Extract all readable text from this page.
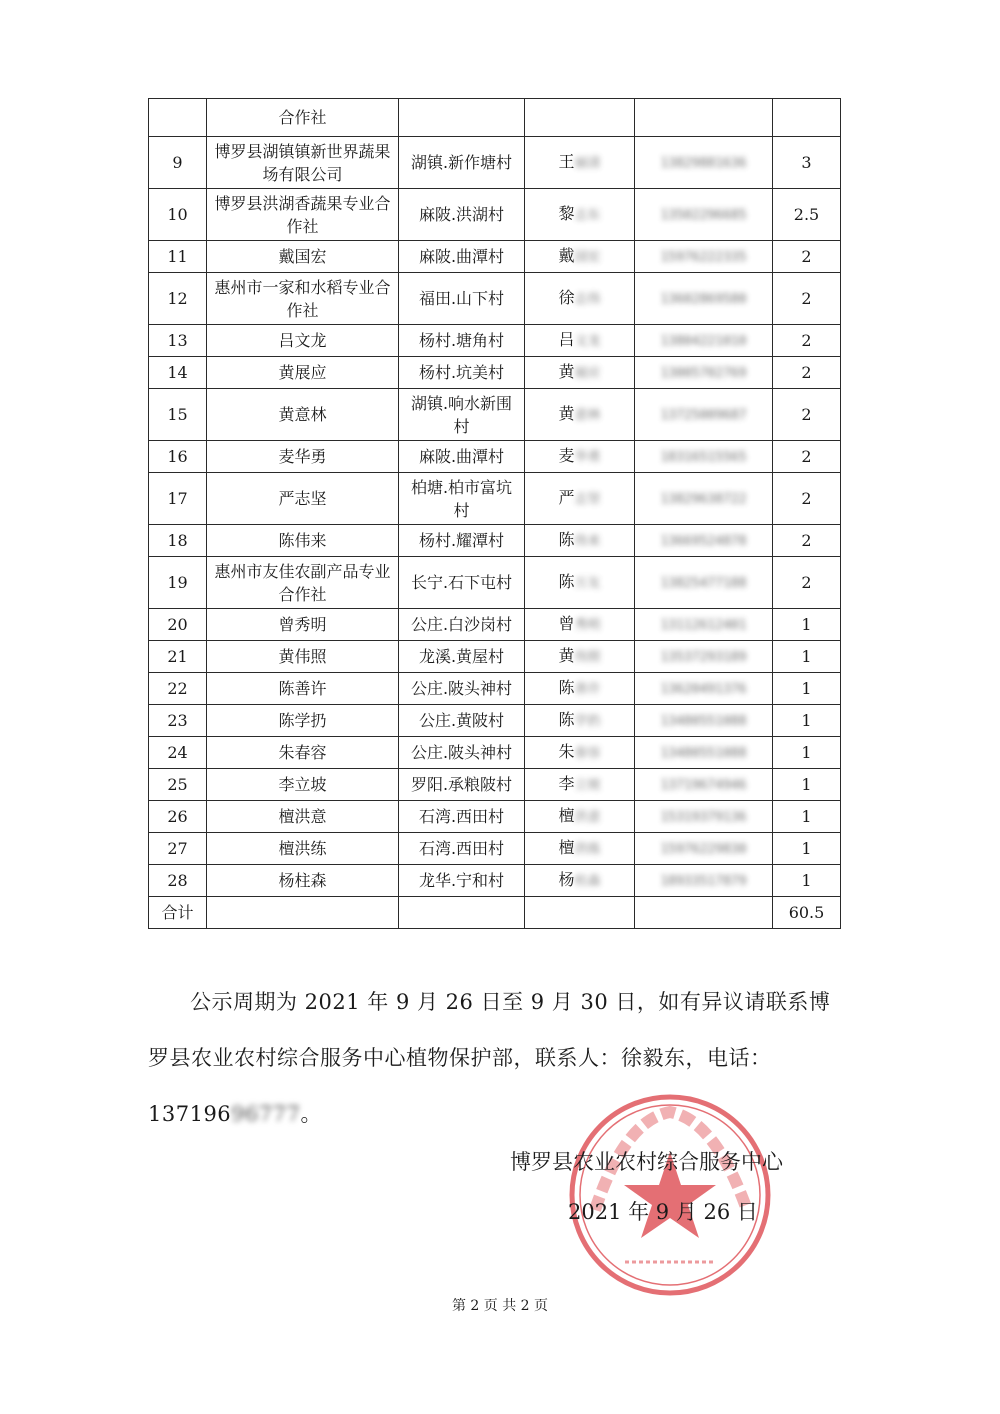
	合作社				
9	博罗县湖镇镇新世界蔬果场有限公司	湖镇.新作塘村	王丽清	13829881636	3
10	博罗县洪湖香蔬果专业合作社	麻陂.洪湖村	黎志东	13502296685	2.5
11	戴国宏	麻陂.曲潭村	戴国宏	15976222335	2
12	惠州市一家和水稻专业合作社	福田.山下村	徐志伟	13602869580	2
13	吕文龙	杨村.塘角村	吕文龙	13804221010	2
14	黄展应	杨村.坑美村	黄展应	13005702769	2
15	黄意林	湖镇.响水新围村	黄意林	13725009687	2
16	麦华勇	麻陂.曲潭村	麦华勇	18316515565	2
17	严志坚	柏塘.柏市富坑村	严志坚	13829638722	2
18	陈伟来	杨村.耀潭村	陈伟来	13669524878	2
19	惠州市友佳农副产品专业合作社	长宁.石下屯村	陈万友	13825477188	2
20	曾秀明	公庄.白沙岗村	曾秀明	13112612401	1
21	黄伟照	龙溪.黄屋村	黄伟照	13537293189	1
22	陈善许	公庄.陂头神村	陈善许	13620491376	1
23	陈学扔	公庄.黄陂村	陈学扔	13480551088	1
24	朱春容	公庄.陂头神村	朱春容	13480551088	1
25	李立坡	罗阳.承粮陂村	李立坡	13719674946	1
26	檀洪意	石湾.西田村	檀洪意	15319379136	1
27	檀洪练	石湾.西田村	檀洪练	15976229830	1
28	杨柱森	龙华.宁和村	杨柱森	18933517879	1
合计					60.5
公示周期为 2021 年 9 月 26 日至 9 月 30 日，如有异议请联系博罗县农业农村综合服务中心植物保护部，联系人：徐毅东，电话：13719696777。
博罗县农业农村综合服务中心
2021 年 9 月 26 日
第 2 页 共 2 页
